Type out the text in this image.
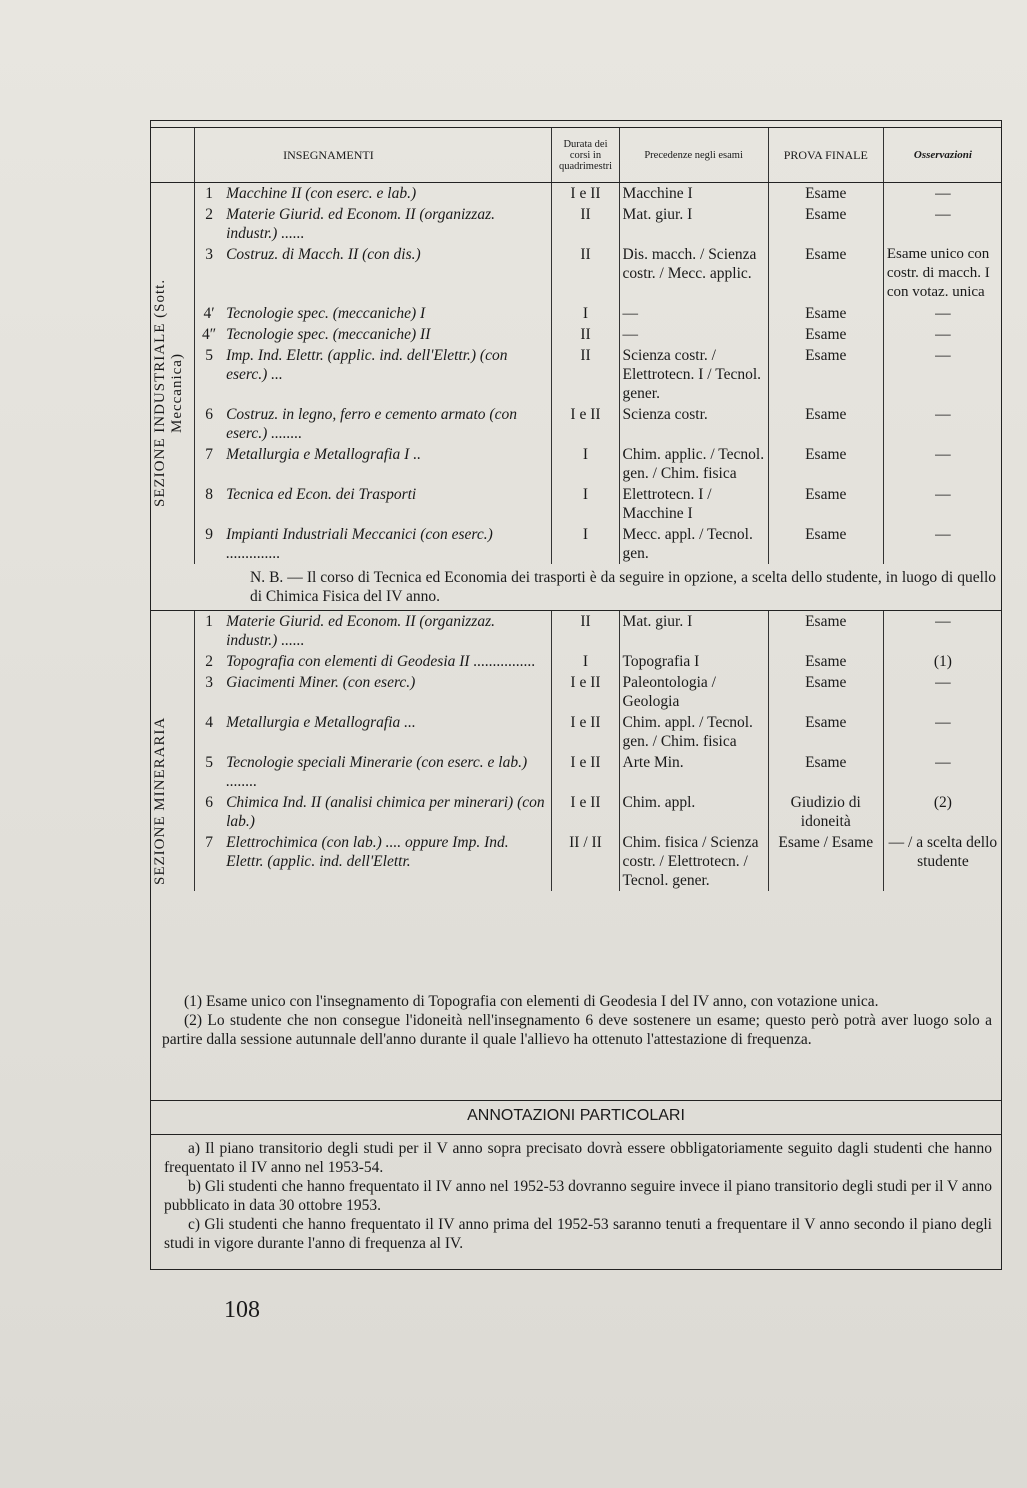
		INSEGNAMENTI	Durata dei corsi in quadrimestri	Precedenze negli esami	PROVA FINALE	Osservazioni

SEZIONE INDUSTRIALE (Sott. Meccanica)	1	Macchine II (con eserc. e lab.)	I e II	Macchine I	Esame	—
	2	Materie Giurid. ed Econom. II (organizzaz. industr.) ......	II	Mat. giur. I	Esame	—
	3	Costruz. di Macch. II (con dis.)	II	Dis. macch. / Scienza costr. / Mecc. applic.	Esame	Esame unico con costr. di macch. I con votaz. unica
	4′	Tecnologie spec. (meccaniche) I	I	—	Esame	—
	4″	Tecnologie spec. (meccaniche) II	II	—	Esame	—
	5	Imp. Ind. Elettr. (applic. ind. dell'Elettr.) (con eserc.) ...	II	Scienza costr. / Elettrotecn. I / Tecnol. gener.	Esame	—
	6	Costruz. in legno, ferro e cemento armato (con eserc.) ........	I e II	Scienza costr.	Esame	—
	7	Metallurgia e Metallografia I ..	I	Chim. applic. / Tecnol. gen. / Chim. fisica	Esame	—
	8	Tecnica ed Econ. dei Trasporti	I	Elettrotecn. I / Macchine I	Esame	—
	9	Impianti Industriali Meccanici (con eserc.) ..............	I	Mecc. appl. / Tecnol. gen.	Esame	—
N. B. — Il corso di Tecnica ed Economia dei trasporti è da seguire in opzione, a scelta dello studente, in luogo di quello di Chimica Fisica del IV anno.						

SEZIONE MINERARIA	1	Materie Giurid. ed Econom. II (organizzaz. industr.) ......	II	Mat. giur. I	Esame	—
	2	Topografia con elementi di Geodesia II ................	I	Topografia I	Esame	(1)
	3	Giacimenti Miner. (con eserc.)	I e II	Paleontologia / Geologia	Esame	—
	4	Metallurgia e Metallografia ...	I e II	Chim. appl. / Tecnol. gen. / Chim. fisica	Esame	—
	5	Tecnologie speciali Minerarie (con eserc. e lab.) ........	I e II	Arte Min.	Esame	—
	6	Chimica Ind. II (analisi chimica per minerari) (con lab.)	I e II	Chim. appl.	Giudizio di idoneità	(2)
	7	Elettrochimica (con lab.) .... oppure Imp. Ind. Elettr. (applic. ind. dell'Elettr.	II / II	Chim. fisica / Scienza costr. / Elettrotecn. / Tecnol. gener.	Esame / Esame	— / a scelta dello studente

(1) Esame unico con l'insegnamento di Topografia con elementi di Geodesia I del IV anno, con votazione unica.

(2) Lo studente che non consegue l'idoneità nell'insegnamento 6 deve sostenere un esame; questo però potrà aver luogo solo a partire dalla sessione autunnale dell'anno durante il quale l'allievo ha ottenuto l'attestazione di frequenza.

ANNOTAZIONI PARTICOLARI

a) Il piano transitorio degli studi per il V anno sopra precisato dovrà essere obbligatoriamente seguito dagli studenti che hanno frequentato il IV anno nel 1953-54.

b) Gli studenti che hanno frequentato il IV anno nel 1952-53 dovranno seguire invece il piano transitorio degli studi per il V anno pubblicato in data 30 ottobre 1953.

c) Gli studenti che hanno frequentato il IV anno prima del 1952-53 saranno tenuti a frequentare il V anno secondo il piano degli studi in vigore durante l'anno di frequenza al IV.

108
